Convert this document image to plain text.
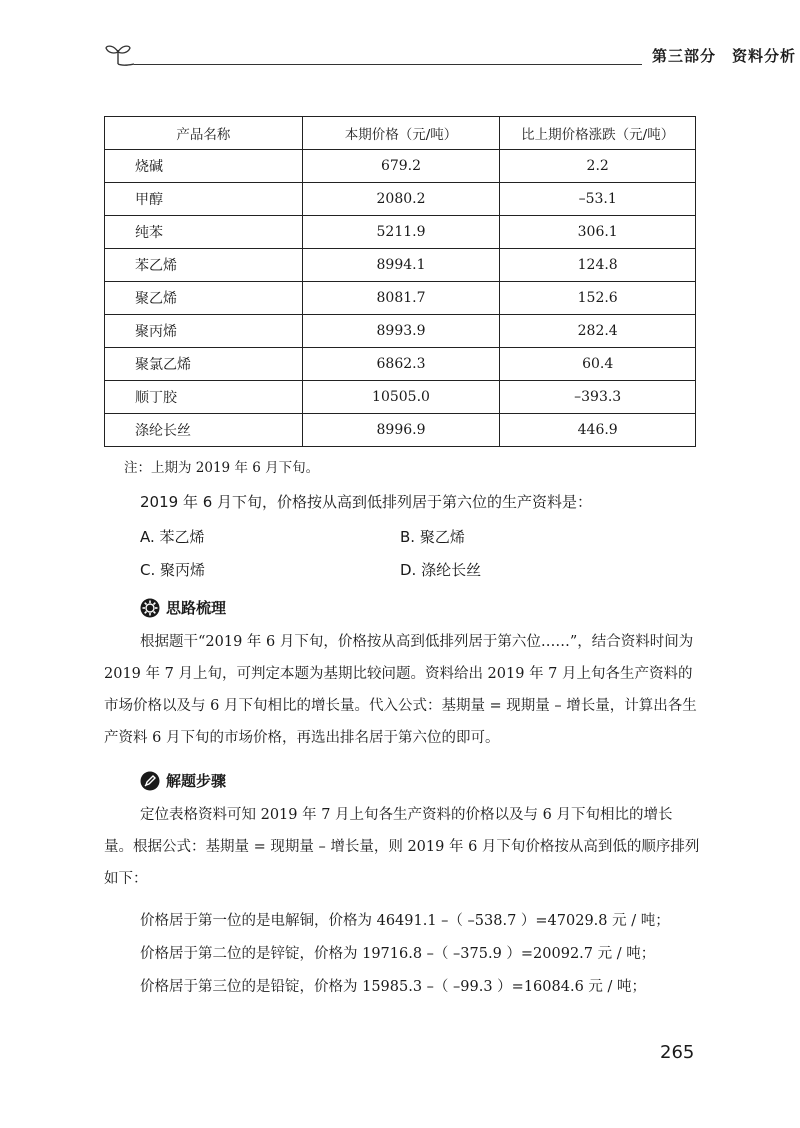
第三部分　资料分析
产品名称	本期价格（元/吨）	比上期价格涨跌（元/吨）
烧碱	679.2	2.2
甲醇	2080.2	–53.1
纯苯	5211.9	306.1
苯乙烯	8994.1	124.8
聚乙烯	8081.7	152.6
聚丙烯	8993.9	282.4
聚氯乙烯	6862.3	60.4
顺丁胶	10505.0	–393.3
涤纶长丝	8996.9	446.9
注：上期为 2019 年 6 月下旬。
2019 年 6 月下旬，价格按从高到低排列居于第六位的生产资料是：
A. 苯乙烯	B. 聚乙烯
C. 聚丙烯	D. 涤纶长丝
思路梳理

根据题干“2019 年 6 月下旬，价格按从高到低排列居于第六位……”，结合资料时间为 2019 年 7 月上旬，可判定本题为基期比较问题。资料给出 2019 年 7 月上旬各生产资料的市场价格以及与 6 月下旬相比的增长量。代入公式：基期量 = 现期量 – 增长量，计算出各生产资料 6 月下旬的市场价格，再选出排名居于第六位的即可。

解题步骤

定位表格资料可知 2019 年 7 月上旬各生产资料的价格以及与 6 月下旬相比的增长量。根据公式：基期量 = 现期量 – 增长量，则 2019 年 6 月下旬价格按从高到低的顺序排列如下：

价格居于第一位的是电解铜，价格为 46491.1 –（ –538.7 ）=47029.8 元 / 吨；
价格居于第二位的是锌锭，价格为 19716.8 –（ –375.9 ）=20092.7 元 / 吨；
价格居于第三位的是铅锭，价格为 15985.3 –（ –99.3 ）=16084.6 元 / 吨；
265
